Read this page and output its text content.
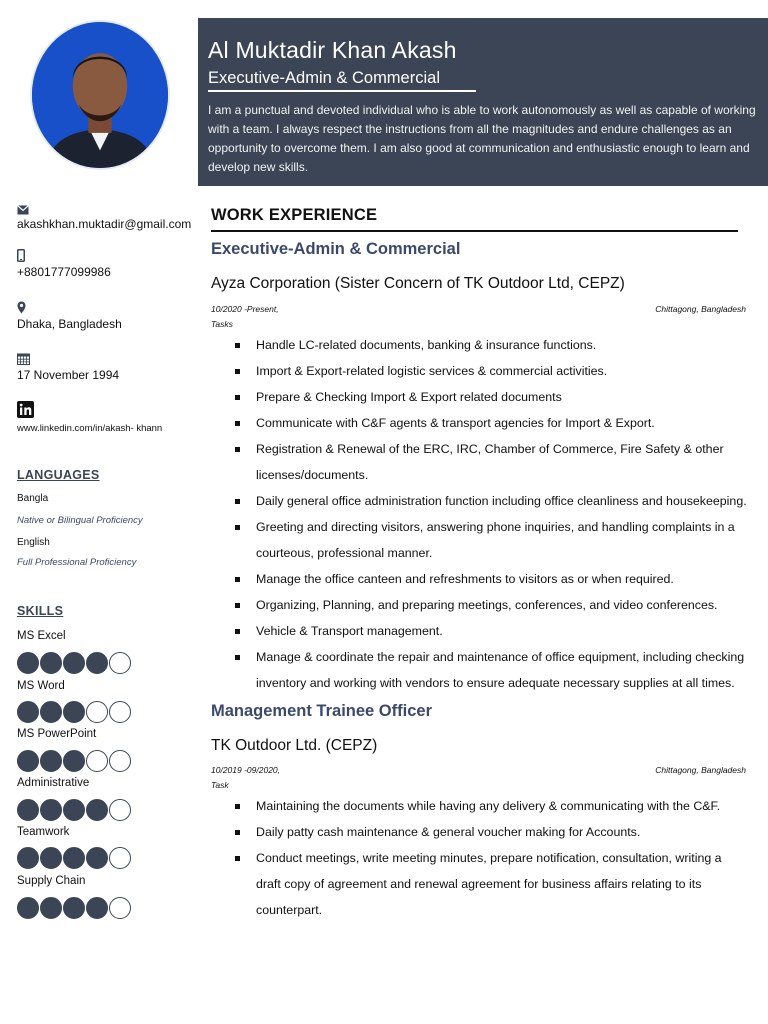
Al Muktadir Khan Akash
Executive-Admin & Commercial
I am a punctual and devoted individual who is able to work autonomously as well as capable of working with a team. I always respect the instructions from all the magnitudes and endure challenges as an opportunity to overcome them. I am also good at communication and enthusiastic enough to learn and develop new skills.
akashkhan.muktadir@gmail.com
+8801777099986
Dhaka, Bangladesh
17 November 1994
www.linkedin.com/in/akash- khann
LANGUAGES
Bangla
Native or Bilingual Proficiency
English
Full Professional Proficiency
SKILLS
MS Excel
MS Word
MS PowerPoint
Administrative
Teamwork
Supply Chain
WORK EXPERIENCE
Executive-Admin & Commercial
Ayza Corporation (Sister Concern of TK Outdoor Ltd, CEPZ)
10/2020 -Present,	Chittagong, Bangladesh
Tasks
Handle LC-related documents, banking & insurance functions.
Import & Export-related logistic services & commercial activities.
Prepare & Checking Import & Export related documents
Communicate with C&F agents & transport agencies for Import & Export.
Registration & Renewal of the ERC, IRC, Chamber of Commerce, Fire Safety & other licenses/documents.
Daily general office administration function including office cleanliness and housekeeping.
Greeting and directing visitors, answering phone inquiries, and handling complaints in a courteous, professional manner.
Manage the office canteen and refreshments to visitors as or when required.
Organizing, Planning, and preparing meetings, conferences, and video conferences.
Vehicle & Transport management.
Manage & coordinate the repair and maintenance of office equipment, including checking inventory and working with vendors to ensure adequate necessary supplies at all times.
Management Trainee Officer
TK Outdoor Ltd. (CEPZ)
10/2019 -09/2020,	Chittagong, Bangladesh
Task
Maintaining the documents while having any delivery & communicating with the C&F.
Daily patty cash maintenance & general voucher making for Accounts.
Conduct meetings, write meeting minutes, prepare notification, consultation, writing a draft copy of agreement and renewal agreement for business affairs relating to its counterpart.
